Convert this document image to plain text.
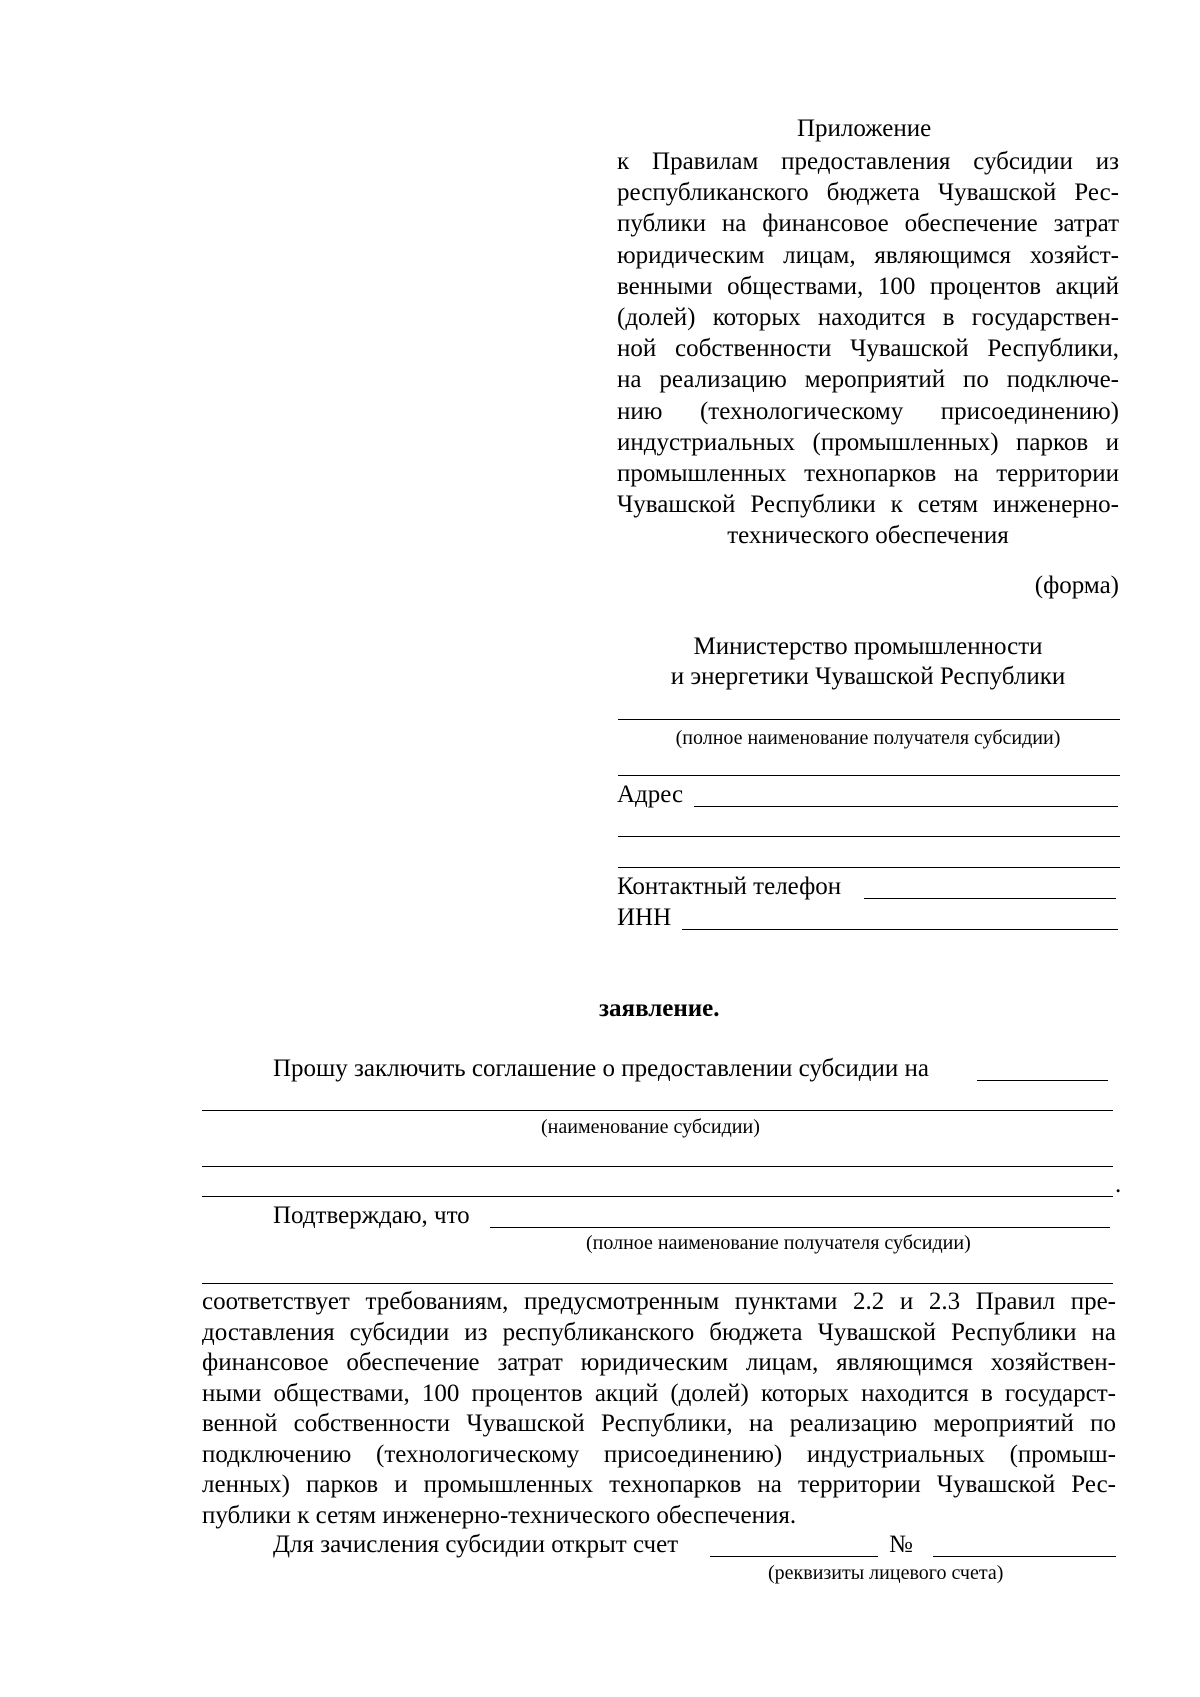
Приложение
к Правилам предоставления субсидии из
республиканского бюджета Чувашской Рес-
публики на финансовое обеспечение затрат
юридическим лицам, являющимся хозяйст-
венными обществами, 100 процентов акций
(долей) которых находится в государствен-
ной собственности Чувашской Республики,
на реализацию мероприятий по подключе-
нию (технологическому присоединению)
индустриальных (промышленных) парков и
промышленных технопарков на территории
Чувашской Республики к сетям инженерно-
технического обеспечения
(форма)
Министерство промышленности
и энергетики Чувашской Республики
(полное наименование получателя субсидии)
Адрес
Контактный телефон
ИНН
заявление.
Прошу заключить соглашение о предоставлении субсидии на
(наименование субсидии)
.
Подтверждаю, что
(полное наименование получателя субсидии)
соответствует требованиям, предусмотренным пунктами 2.2 и 2.3 Правил пре-
доставления субсидии из республиканского бюджета Чувашской Республики на
финансовое обеспечение затрат юридическим лицам, являющимся хозяйствен-
ными обществами, 100 процентов акций (долей) которых находится в государст-
венной собственности Чувашской Республики, на реализацию мероприятий по
подключению (технологическому присоединению) индустриальных (промыш-
ленных) парков и промышленных технопарков на территории Чувашской Рес-
публики к сетям инженерно-технического обеспечения.
Для зачисления субсидии открыт счет	№
(реквизиты лицевого счета)
